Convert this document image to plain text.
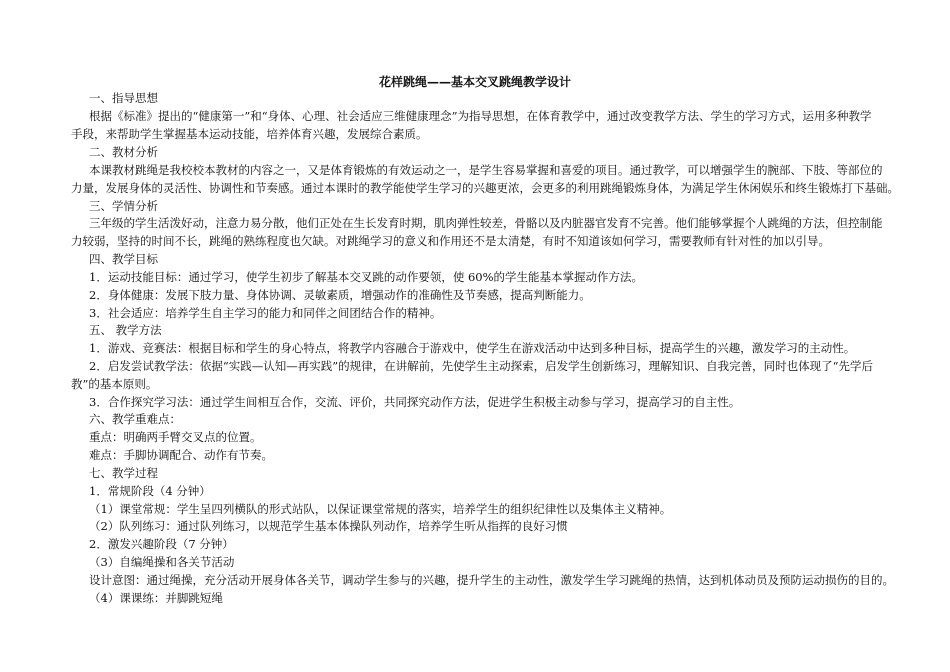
花样跳绳——基本交叉跳绳教学设计
一、指导思想
根据《标准》提出的“健康第一”和“身体、心理、社会适应三维健康理念”为指导思想，在体育教学中，通过改变教学方法、学生的学习方式，运用多种教学
手段，来帮助学生掌握基本运动技能，培养体育兴趣，发展综合素质。
二、教材分析
本课教材跳绳是我校校本教材的内容之一，又是体育锻炼的有效运动之一，是学生容易掌握和喜爱的项目。通过教学，可以增强学生的腕部、下肢、等部位的
力量，发展身体的灵活性、协调性和节奏感。通过本课时的教学能使学生学习的兴趣更浓，会更多的利用跳绳锻炼身体，为满足学生休闲娱乐和终生锻炼打下基础。
三、学情分析
三年级的学生活泼好动，注意力易分散，他们正处在生长发育时期，肌肉弹性较差，骨骼以及内脏器官发育不完善。他们能够掌握个人跳绳的方法，但控制能
力较弱，坚持的时间不长，跳绳的熟练程度也欠缺。对跳绳学习的意义和作用还不是太清楚，有时不知道该如何学习，需要教师有针对性的加以引导。
四、教学目标
1．运动技能目标：通过学习，使学生初步了解基本交叉跳的动作要领，使 60%的学生能基本掌握动作方法。
2．身体健康：发展下肢力量、身体协调、灵敏素质，增强动作的准确性及节奏感，提高判断能力。
3．社会适应：培养学生自主学习的能力和同伴之间团结合作的精神。
五、 教学方法
1．游戏、竞赛法：根据目标和学生的身心特点，将教学内容融合于游戏中，使学生在游戏活动中达到多种目标，提高学生的兴趣，激发学习的主动性。
2．启发尝试教学法：依据“实践—认知—再实践”的规律，在讲解前，先使学生主动探索，启发学生创新练习，理解知识、自我完善，同时也体现了“先学后
教”的基本原则。
3．合作探究学习法：通过学生间相互合作，交流、评价，共同探究动作方法，促进学生积极主动参与学习，提高学习的自主性。
六、教学重难点：
重点：明确两手臂交叉点的位置。
难点：手脚协调配合、动作有节奏。
七、教学过程
1．常规阶段（4 分钟）
（1）课堂常规：学生呈四列横队的形式站队，以保证课堂常规的落实，培养学生的组织纪律性以及集体主义精神。
（2）队列练习：通过队列练习，以规范学生基本体操队列动作，培养学生听从指挥的良好习惯
2．激发兴趣阶段（7 分钟）
（3）自编绳操和各关节活动
设计意图：通过绳操，充分活动开展身体各关节，调动学生参与的兴趣，提升学生的主动性，激发学生学习跳绳的热情，达到机体动员及预防运动损伤的目的。
（4）课课练：并脚跳短绳
